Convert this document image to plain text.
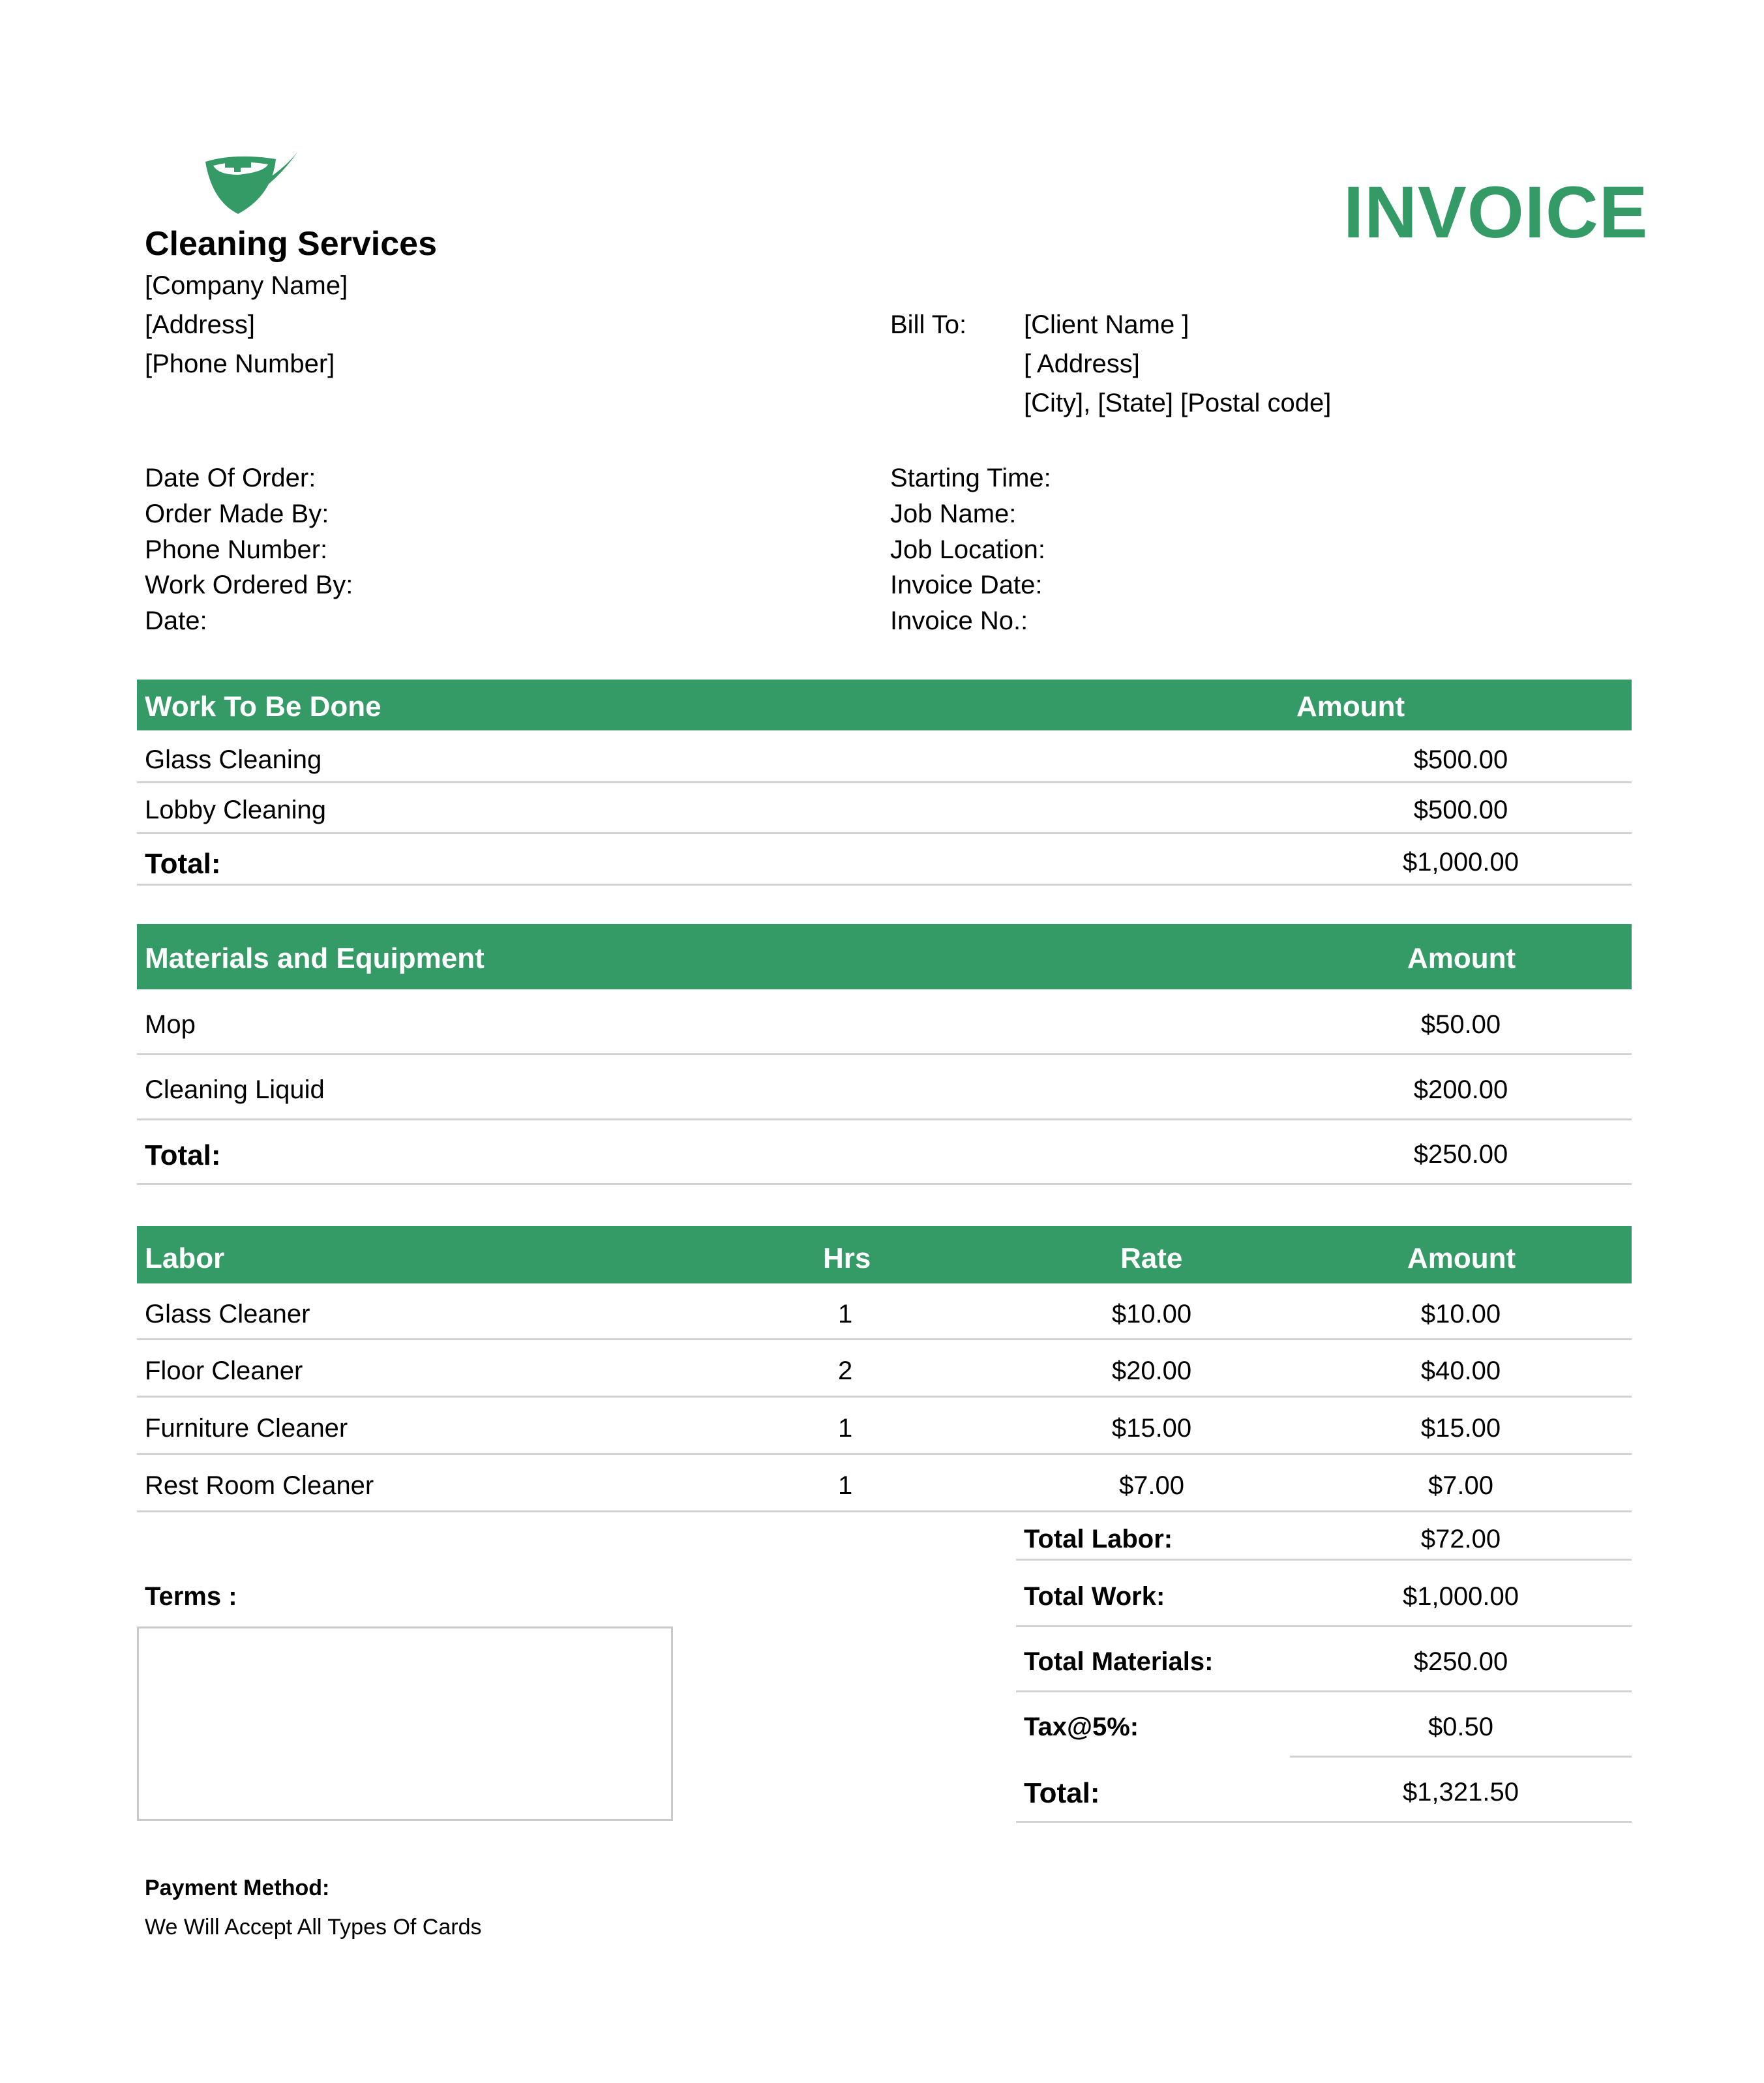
Cleaning Services	INVOICE
[Company Name]
[Address]
[Phone Number]
Bill To: [Client Name ]
[ Address]
[City], [State] [Postal code]
Date Of Order:
Order Made By:
Phone Number:
Work Ordered By:
Date:
Starting Time:
Job Name:
Job Location:
Invoice Date:
Invoice No.:
Work To Be Done	Amount
Glass Cleaning	$500.00
Lobby Cleaning	$500.00
Total:	$1,000.00
Materials and Equipment	Amount
Mop	$50.00
Cleaning Liquid	$200.00
Total:	$250.00
Labor	Hrs	Rate	Amount
Glass Cleaner	1	$10.00	$10.00
Floor Cleaner	2	$20.00	$40.00
Furniture Cleaner	1	$15.00	$15.00
Rest Room Cleaner	1	$7.00	$7.00
Total Labor:	$72.00
Total Work:	$1,000.00
Total Materials:	$250.00
Tax@5%:	$0.50
Total:	$1,321.50
Terms :
Payment Method:
We Will Accept All Types Of Cards
